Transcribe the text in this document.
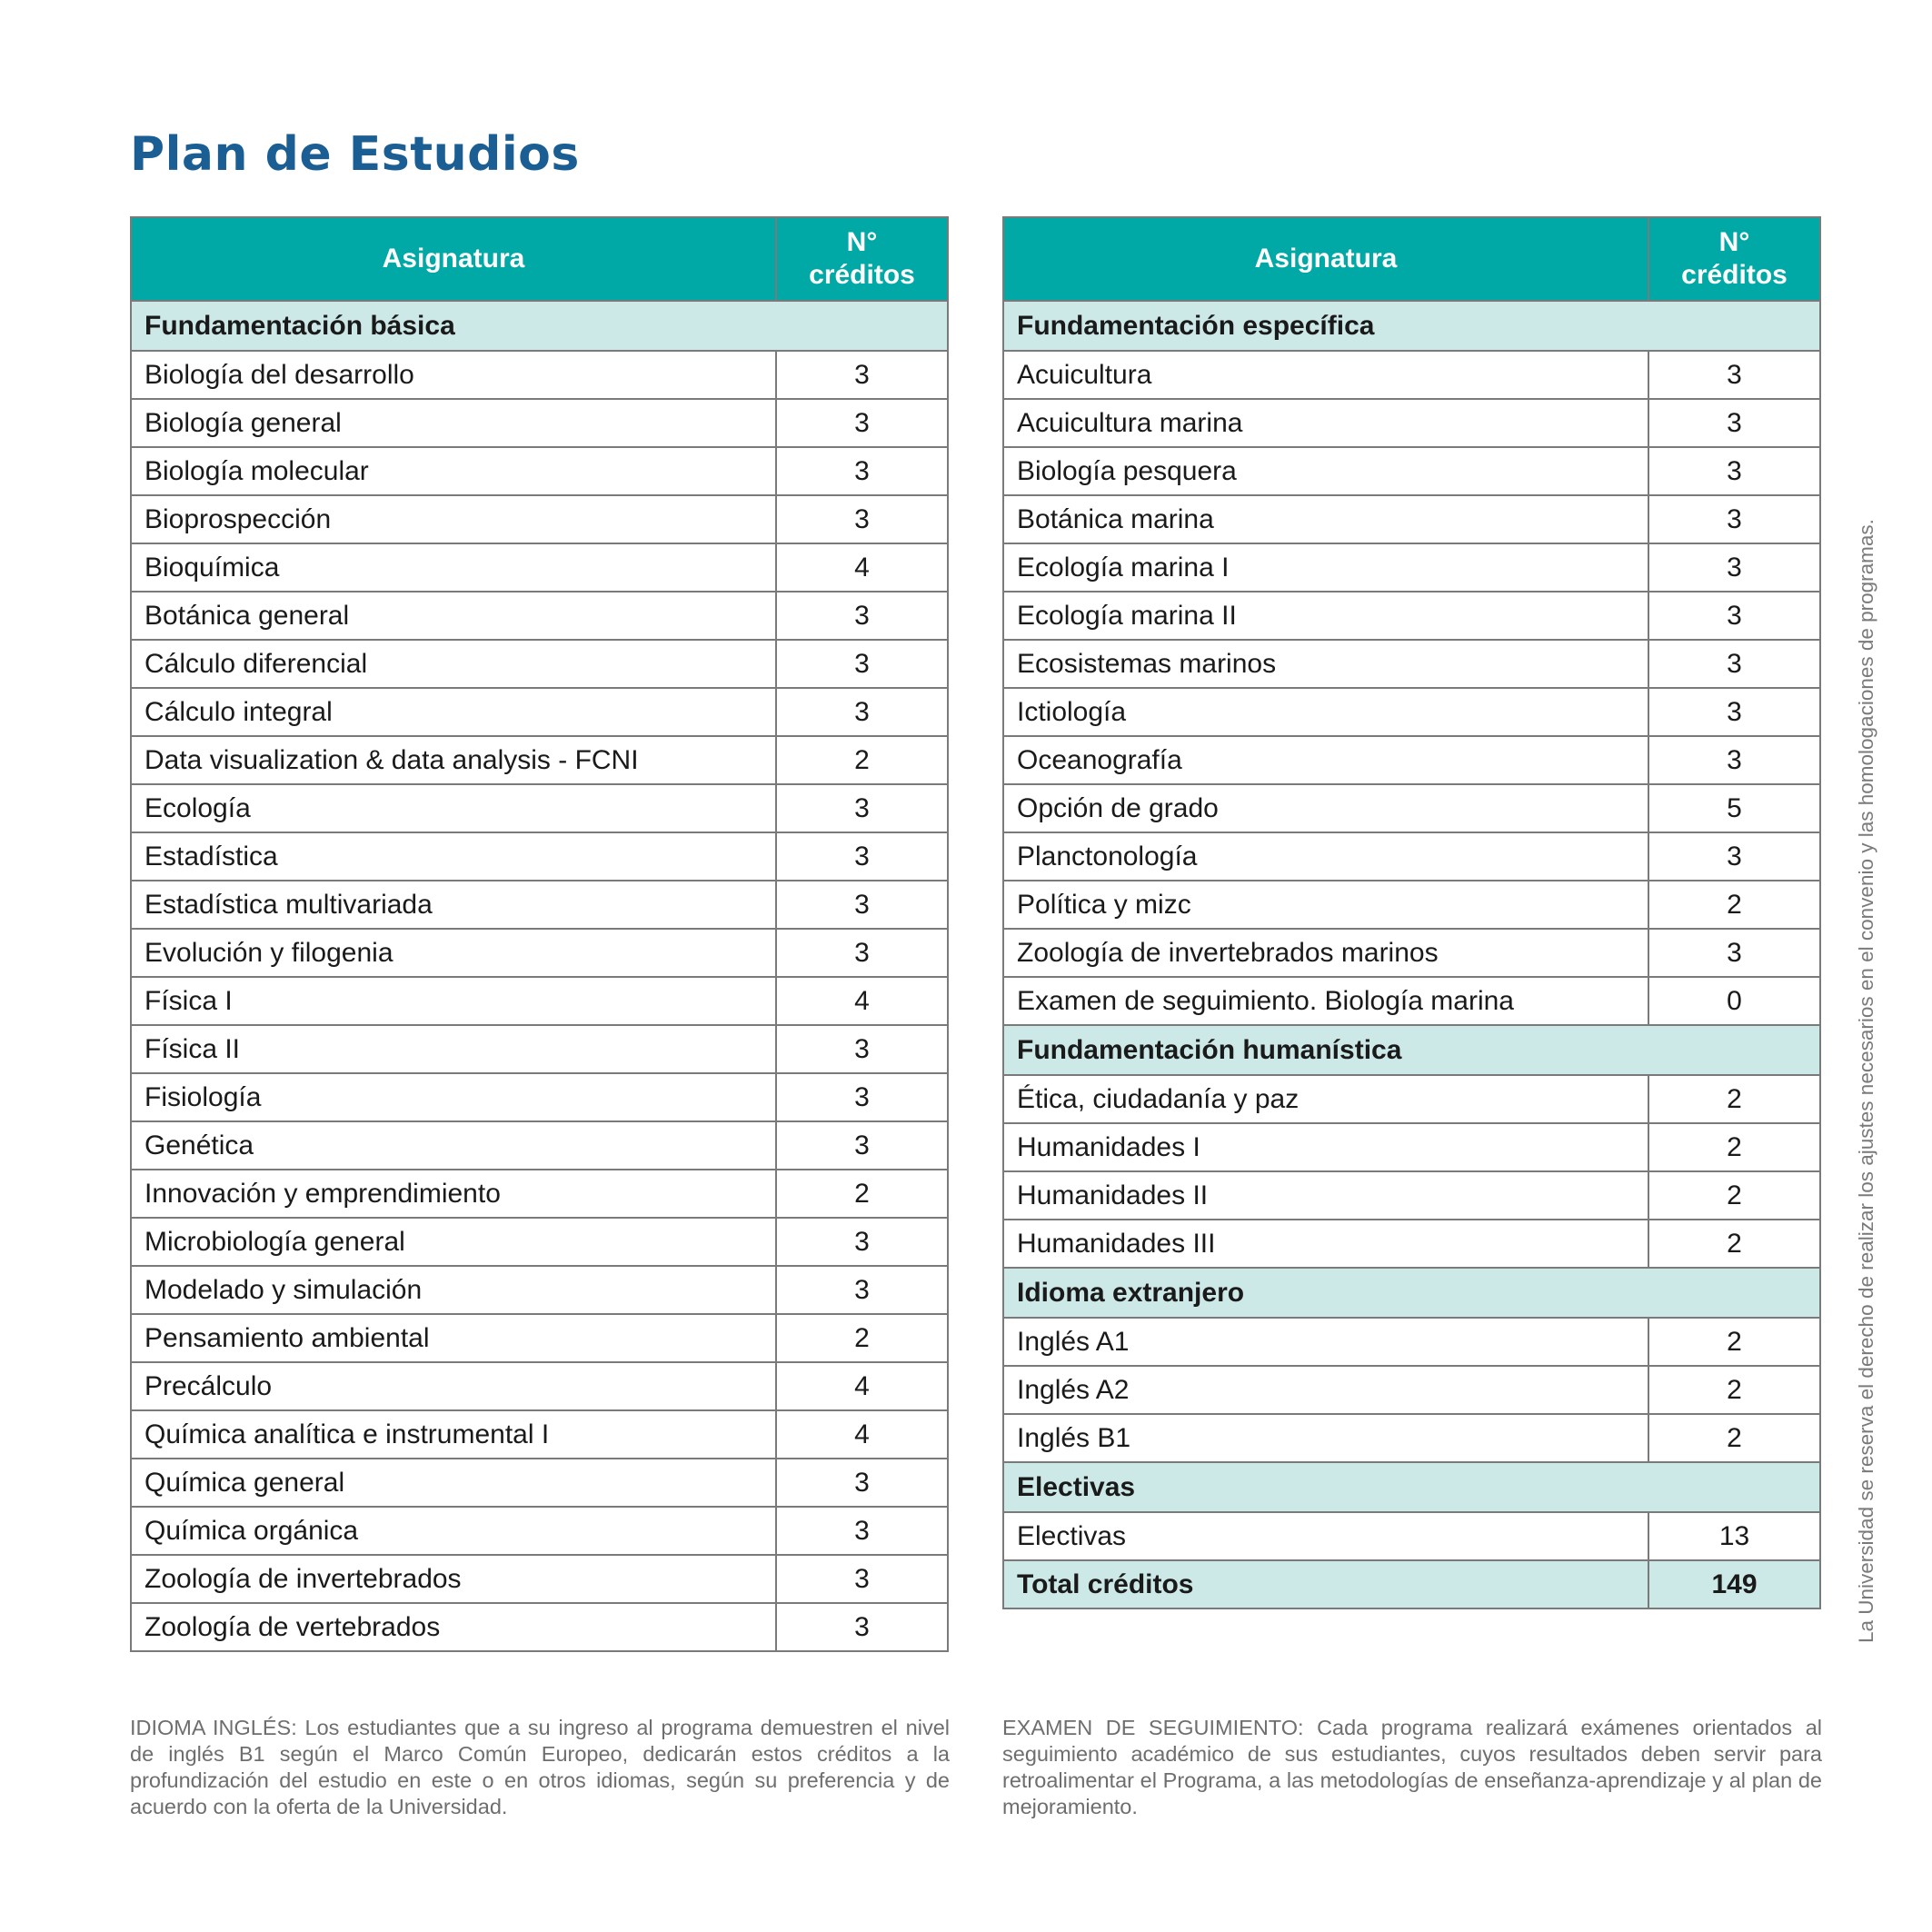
Plan de Estudios
Asignatura	N°
créditos
Fundamentación básica	
Biología del desarrollo	3
Biología general	3
Biología molecular	3
Bioprospección	3
Bioquímica	4
Botánica general	3
Cálculo diferencial	3
Cálculo integral	3
Data visualization & data analysis - FCNI	2
Ecología	3
Estadística	3
Estadística multivariada	3
Evolución y filogenia	3
Física I	4
Física II	3
Fisiología	3
Genética	3
Innovación y emprendimiento	2
Microbiología general	3
Modelado y simulación	3
Pensamiento ambiental	2
Precálculo	4
Química analítica e instrumental I	4
Química general	3
Química orgánica	3
Zoología de invertebrados	3
Zoología de vertebrados	3
Asignatura	N°
créditos
Fundamentación específica	
Acuicultura	3
Acuicultura marina	3
Biología pesquera	3
Botánica marina	3
Ecología marina I	3
Ecología marina II	3
Ecosistemas marinos	3
Ictiología	3
Oceanografía	3
Opción de grado	5
Planctonología	3
Política y mizc	2
Zoología de invertebrados marinos	3
Examen de seguimiento. Biología marina	0
Fundamentación humanística	
Ética, ciudadanía y paz	2
Humanidades I	2
Humanidades II	2
Humanidades III	2
Idioma extranjero	
Inglés A1	2
Inglés A2	2
Inglés B1	2
Electivas	
Electivas	13
Total créditos	149

IDIOMA INGLÉS: Los estudiantes que a su ingreso al programa demuestren el nivel de inglés B1 según el Marco Común Europeo, dedicarán estos créditos a la profundización del estudio en este o en otros idiomas, según su preferencia y de acuerdo con la oferta de la Universidad.

EXAMEN DE SEGUIMIENTO: Cada programa realizará exámenes orientados al seguimiento académico de sus estudiantes, cuyos resultados deben servir para retroalimentar el Programa, a las metodologías de enseñanza-aprendizaje y al plan de mejoramiento.

La Universidad se reserva el derecho de realizar los ajustes necesarios en el convenio y las homologaciones de programas.
